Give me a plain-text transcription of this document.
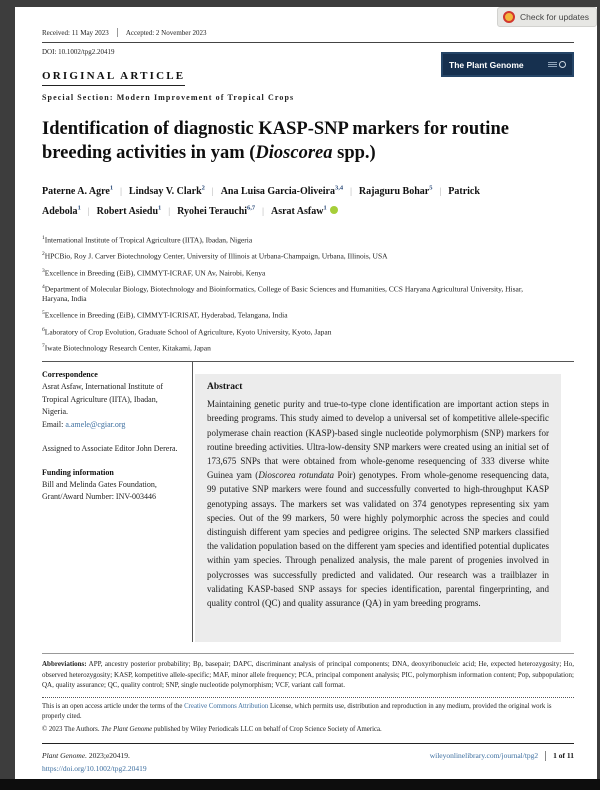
Check for updates
Received: 11 May 2023 Accepted: 2 November 2023
DOI: 10.1002/tpg2.20419
The Plant Genome
ORIGINAL ARTICLE
Special Section: Modern Improvement of Tropical Crops
Identification of diagnostic KASP-SNP markers for routine breeding activities in yam (Dioscorea spp.)
Paterne A. Agre$^1$ | Lindsay V. Clark$^2$ | Ana Luisa Garcia-Oliveira$^{3,4}$ | Rajaguru Bohar$^5$ | Patrick Adebola$^1$ | Robert Asiedu$^1$ | Ryohei Terauchi$^{6,7}$ | Asrat Asfaw$^1$
$^1$International Institute of Tropical Agriculture (IITA), Ibadan, Nigeria
$^2$HPCBio, Roy J. Carver Biotechnology Center, University of Illinois at Urbana-Champaign, Urbana, Illinois, USA
$^3$Excellence in Breeding (EiB), CIMMYT-ICRAF, UN Av, Nairobi, Kenya
$^4$Department of Molecular Biology, Biotechnology and Bioinformatics, College of Basic Sciences and Humanities, CCS Haryana Agricultural University, Hisar, Haryana, India
$^5$Excellence in Breeding (EiB), CIMMYT-ICRISAT, Hyderabad, Telangana, India
$^6$Laboratory of Crop Evolution, Graduate School of Agriculture, Kyoto University, Kyoto, Japan
$^7$Iwate Biotechnology Research Center, Kitakami, Japan
Correspondence
Asrat Asfaw, International Institute of Tropical Agriculture (IITA), Ibadan, Nigeria.
Email: a.amele@cgiar.org
Assigned to Associate Editor John Derera.
Funding information
Bill and Melinda Gates Foundation, Grant/Award Number: INV-003446
Abstract

Maintaining genetic purity and true-to-type clone identification are important action steps in breeding programs. This study aimed to develop a universal set of kompetitive allele-specific polymerase chain reaction (KASP)-based single nucleotide polymorphism (SNP) markers for routine breeding activities. Ultra-low-density SNP markers were created using an initial set of 173,675 SNPs that were obtained from whole-genome resequencing of 333 diverse white Guinea yam (Dioscorea rotundata Poir) genotypes. From whole-genome resequencing data, 99 putative SNP markers were found and successfully converted to high-throughput KASP genotyping assays. The markers set was validated on 374 genotypes representing six yam species. Out of the 99 markers, 50 were highly polymorphic across the species and could distinguish different yam species and pedigree origins. The selected SNP markers classified the validation population based on the different yam species and identified potential duplicates within yam species. Through penalized analysis, the male parent of progenies involved in polycrosses was successfully predicted and validated. Our research was a trailblazer in validating KASP-based SNP assays for species identification, parental fingerprinting, and quality control (QC) and quality assurance (QA) in yam breeding programs.

Abbreviations: APP, ancestry posterior probability; Bp, basepair; DAPC, discriminant analysis of principal components; DNA, deoxyribonucleic acid; He, expected heterozygosity; Ho, observed heterozygosity; KASP, kompetitive allele-specific; MAF, minor allele frequency; PCA, principal component analysis; PIC, polymorphism information content; Pop, subpopulation; QA, quality assurance; QC, quality control; SNP, single nucleotide polymorphism; VCF, variant call format.
This is an open access article under the terms of the Creative Commons Attribution License, which permits use, distribution and reproduction in any medium, provided the original work is properly cited.
© 2023 The Authors. The Plant Genome published by Wiley Periodicals LLC on behalf of Crop Science Society of America.
Plant Genome. 2023;e20419.
https://doi.org/10.1002/tpg2.20419
wileyonlinelibrary.com/journal/tpg2 1 of 11
